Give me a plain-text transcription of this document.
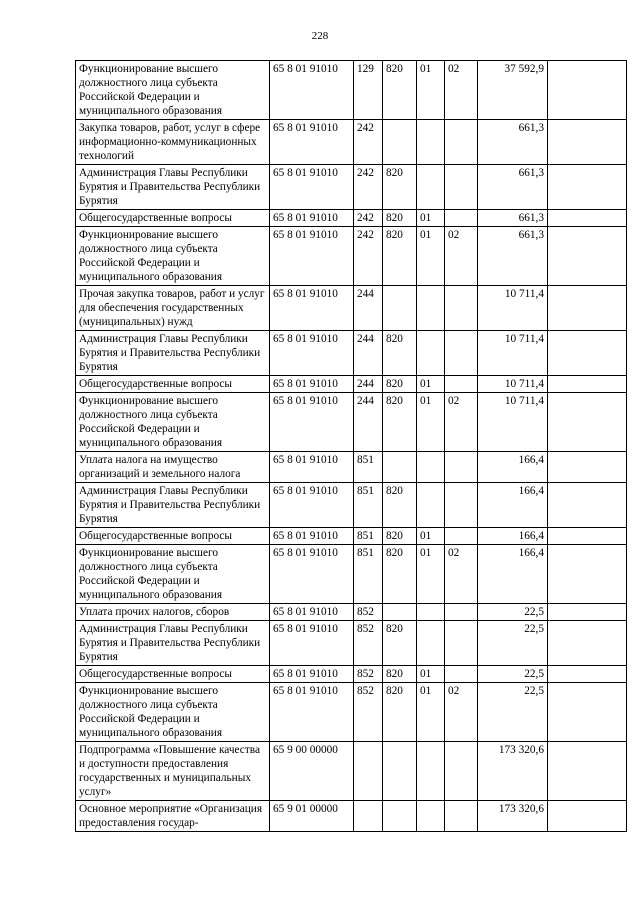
228
Функционирование высшего должностного лица субъекта Российской Федерации и муниципального образования	65 8 01 91010	129	820	01	02	37 592,9	
Закупка товаров, работ, услуг в сфере информационно-коммуникационных технологий	65 8 01 91010	242				661,3	
Администрация Главы Республики Бурятия и Правительства Республики Бурятия	65 8 01 91010	242	820			661,3	
Общегосударственные вопросы	65 8 01 91010	242	820	01		661,3	
Функционирование высшего должностного лица субъекта Российской Федерации и муниципального образования	65 8 01 91010	242	820	01	02	661,3	
Прочая закупка товаров, работ и услуг для обеспечения государственных (муниципальных) нужд	65 8 01 91010	244				10 711,4	
Администрация Главы Республики Бурятия и Правительства Республики Бурятия	65 8 01 91010	244	820			10 711,4	
Общегосударственные вопросы	65 8 01 91010	244	820	01		10 711,4	
Функционирование высшего должностного лица субъекта Российской Федерации и муниципального образования	65 8 01 91010	244	820	01	02	10 711,4	
Уплата налога на имущество организаций и земельного налога	65 8 01 91010	851				166,4	
Администрация Главы Республики Бурятия и Правительства Республики Бурятия	65 8 01 91010	851	820			166,4	
Общегосударственные вопросы	65 8 01 91010	851	820	01		166,4	
Функционирование высшего должностного лица субъекта Российской Федерации и муниципального образования	65 8 01 91010	851	820	01	02	166,4	
Уплата прочих налогов, сборов	65 8 01 91010	852				22,5	
Администрация Главы Республики Бурятия и Правительства Республики Бурятия	65 8 01 91010	852	820			22,5	
Общегосударственные вопросы	65 8 01 91010	852	820	01		22,5	
Функционирование высшего должностного лица субъекта Российской Федерации и муниципального образования	65 8 01 91010	852	820	01	02	22,5	
Подпрограмма «Повышение качества и доступности предоставления государственных и муниципальных услуг»	65 9 00 00000					173 320,6	
Основное мероприятие «Организация предоставления государ-	65 9 01 00000					173 320,6	
